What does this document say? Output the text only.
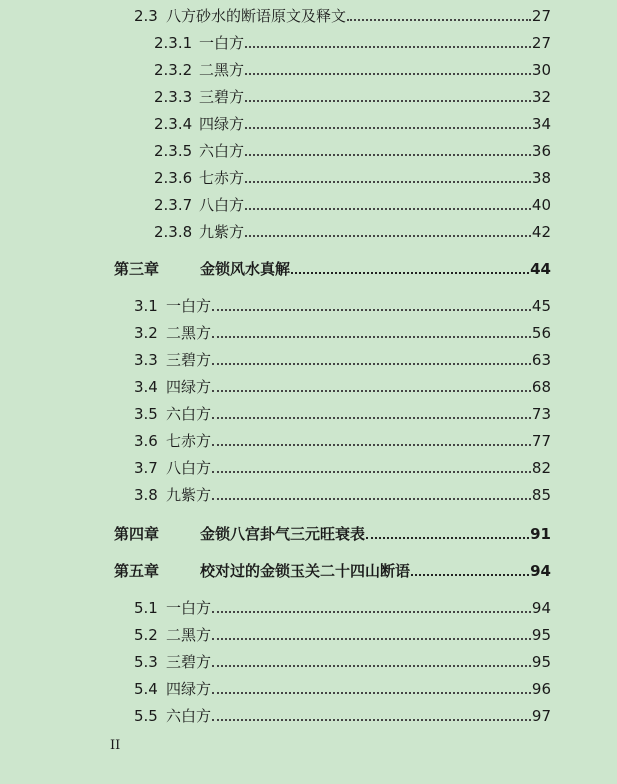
2.3 八方砂水的断语原文及释文	27
2.3.1 一白方	27
2.3.2 二黑方	30
2.3.3 三碧方	32
2.3.4 四绿方	34
2.3.5 六白方	36
2.3.6 七赤方	38
2.3.7 八白方	40
2.3.8 九紫方	42
第三章	金锁风水真解	44
3.1 一白方	45
3.2 二黑方	56
3.3 三碧方	63
3.4 四绿方	68
3.5 六白方	73
3.6 七赤方	77
3.7 八白方	82
3.8 九紫方	85
第四章	金锁八宫卦气三元旺衰表	91
第五章	校对过的金锁玉关二十四山断语	94
5.1 一白方	94
5.2 二黑方	95
5.3 三碧方	95
5.4 四绿方	96
5.5 六白方	97
II
